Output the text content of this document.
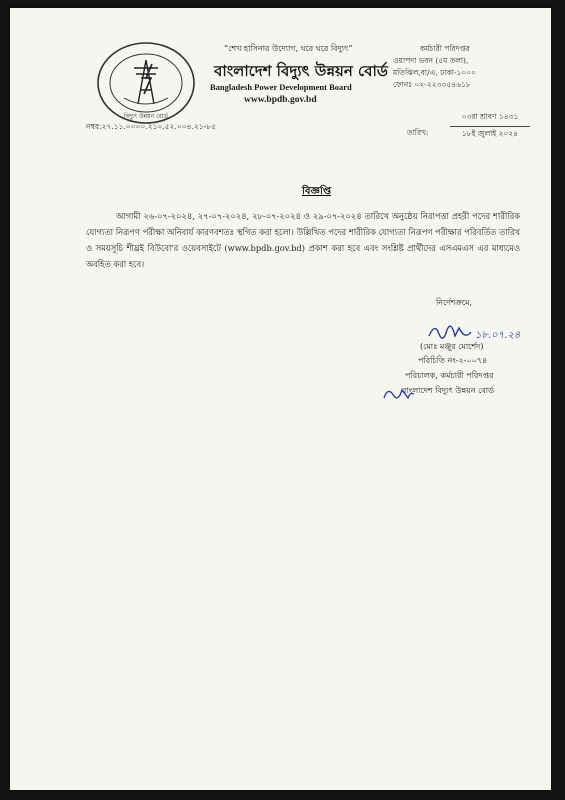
বিদ্যুৎ উন্নয়ন বোর্ড
“শেখ হাসিনার উদ্যোগ, ঘরে ঘরে বিদ্যুৎ”
বাংলাদেশ বিদ্যুৎ উন্নয়ন বোর্ড
Bangladesh Power Development Board
www.bpdb.gov.bd
কর্মচারী পরিদপ্তর
ওয়াপদা ভবন (৫ম তলা),
মতিঝিল,বা/এ, ঢাকা-১০০০
ফোনঃ ০২-২২৩৩৫৪৬১৮
নম্বর:২৭.১১.০০০০.২১০.৫২.০০৪.২১-৮৫
তারিখ:
০৩রা শ্রাবণ ১৪৩১
১৮ই জুলাই ২০২৪
বিজ্ঞপ্তি
আগামী ২৬-০৭-২০২৪, ২৭-০৭-২০২৪, ২৮-০৭-২০২৪ ও ২৯-০৭-২০২৪ তারিখে অনুষ্ঠেয় নিরাপত্তা প্রহরী পদের শারীরিক যোগ্যতা নিরূপণ পরীক্ষা অনিবার্য কারণবশতঃ স্থগিত করা হলো। উল্লিখিত পদের শারীরিক যোগ্যতা নিরূপণ পরীক্ষার পরিবর্তিত তারিখ ও সময়সূচি শীঘ্রই বিউবো'র ওয়েবসাইটে (www.bpdb.gov.bd) প্রকাশ করা হবে এবং সংশ্লিষ্ট প্রার্থীদের এসএমএস এর মাধ্যমেও অবহিত করা হবে।
নির্দেশক্রমে,
১৮.০৭.২৪
(মোঃ মঞ্জুর মোর্শেদ)
পরিচিতি নং-২-০০৭৪
পরিচালক, কর্মচারী পরিদপ্তর
বাংলাদেশ বিদ্যুৎ উন্নয়ন বোর্ড
